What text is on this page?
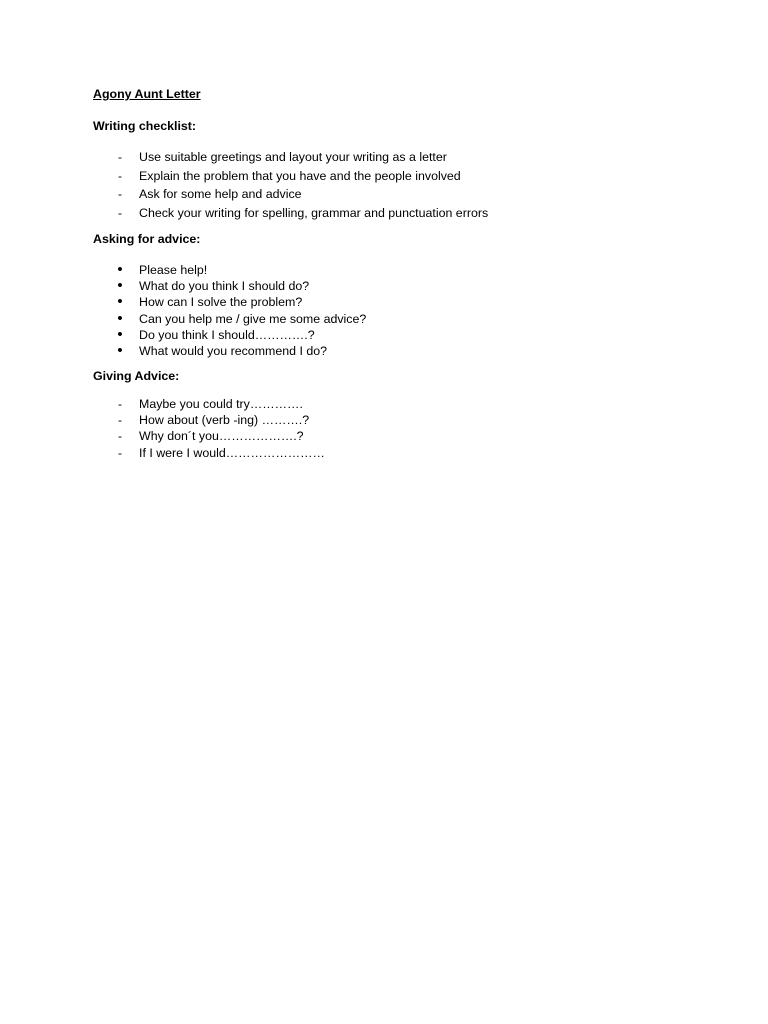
Agony Aunt Letter
Writing checklist:
- Use suitable greetings and layout your writing as a letter
- Explain the problem that you have and the people involved
- Ask for some help and advice
- Check your writing for spelling, grammar and punctuation errors
Asking for advice:
• Please help!
• What do you think I should do?
• How can I solve the problem?
• Can you help me / give me some advice?
• Do you think I should………….?
• What would you recommend I do?
Giving Advice:
- Maybe you could try………….
- How about (verb -ing) ……….?
- Why don´t you……………….?
- If I were I would……………………
